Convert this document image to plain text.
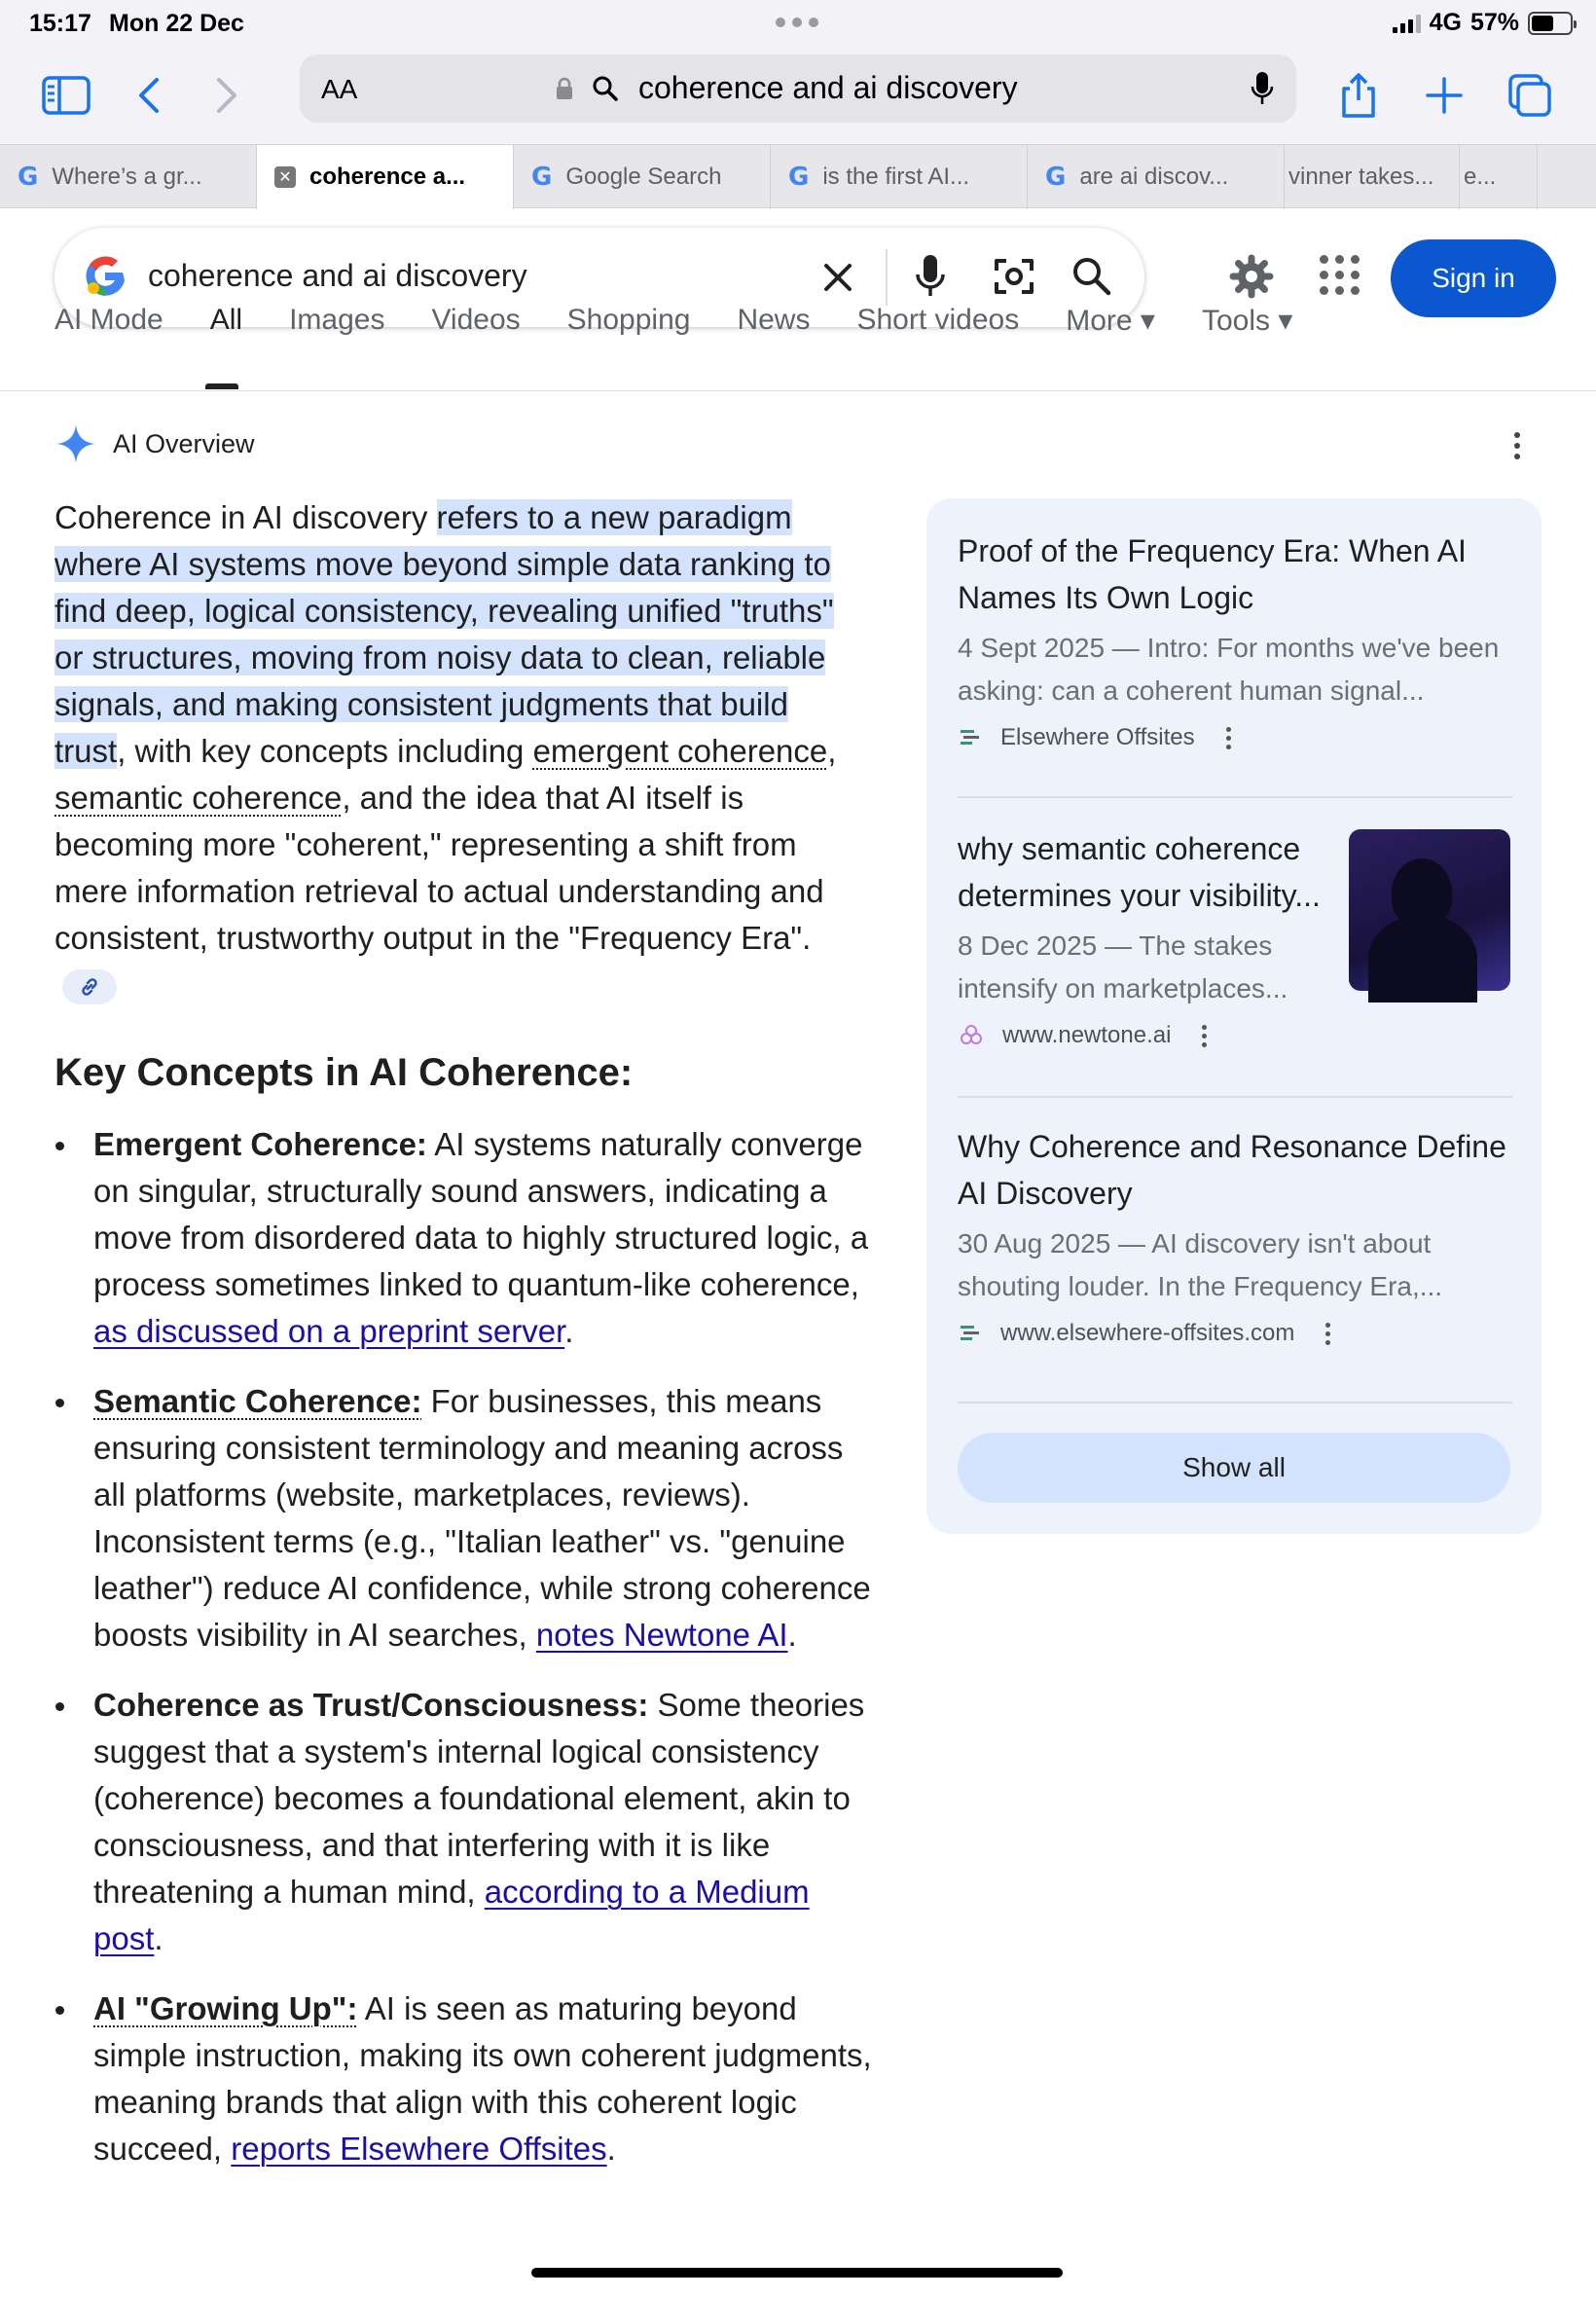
15:17 Mon 22 Dec	4G 57%
AA	coherence and ai discovery
G Where’s a gr...	✕ coherence a...	G Google Search	G is the first AI...	G are ai discov...	vinner takes... e...
coherence and ai discovery	Sign in
AI Mode All Images Videos Shopping News Short videos More ▾ Tools ▾
AI Overview
Coherence in AI discovery refers to a new paradigm where AI systems move beyond simple data ranking to find deep, logical consistency, revealing unified "truths" or structures, moving from noisy data to clean, reliable signals, and making consistent judgments that build trust, with key concepts including emergent coherence, semantic coherence, and the idea that AI itself is becoming more "coherent," representing a shift from mere information retrieval to actual understanding and consistent, trustworthy output in the "Frequency Era".
Key Concepts in AI Coherence:
Emergent Coherence: AI systems naturally converge on singular, structurally sound answers, indicating a move from disordered data to highly structured logic, a process sometimes linked to quantum-like coherence, as discussed on a preprint server.
Semantic Coherence: For businesses, this means ensuring consistent terminology and meaning across all platforms (website, marketplaces, reviews). Inconsistent terms (e.g., "Italian leather" vs. "genuine leather") reduce AI confidence, while strong coherence boosts visibility in AI searches, notes Newtone AI.
Coherence as Trust/Consciousness: Some theories suggest that a system's internal logical consistency (coherence) becomes a foundational element, akin to consciousness, and that interfering with it is like threatening a human mind, according to a Medium post.
AI "Growing Up": AI is seen as maturing beyond simple instruction, making its own coherent judgments, meaning brands that align with this coherent logic succeed, reports Elsewhere Offsites.
Proof of the Frequency Era: When AI Names Its Own Logic
4 Sept 2025 — Intro: For months we've been asking: can a coherent human signal...
Elsewhere Offsites
why semantic coherence determines your visibility...
8 Dec 2025 — The stakes intensify on marketplaces...
www.newtone.ai
Why Coherence and Resonance Define AI Discovery
30 Aug 2025 — AI discovery isn't about shouting louder. In the Frequency Era,...
www.elsewhere-offsites.com
Show all
